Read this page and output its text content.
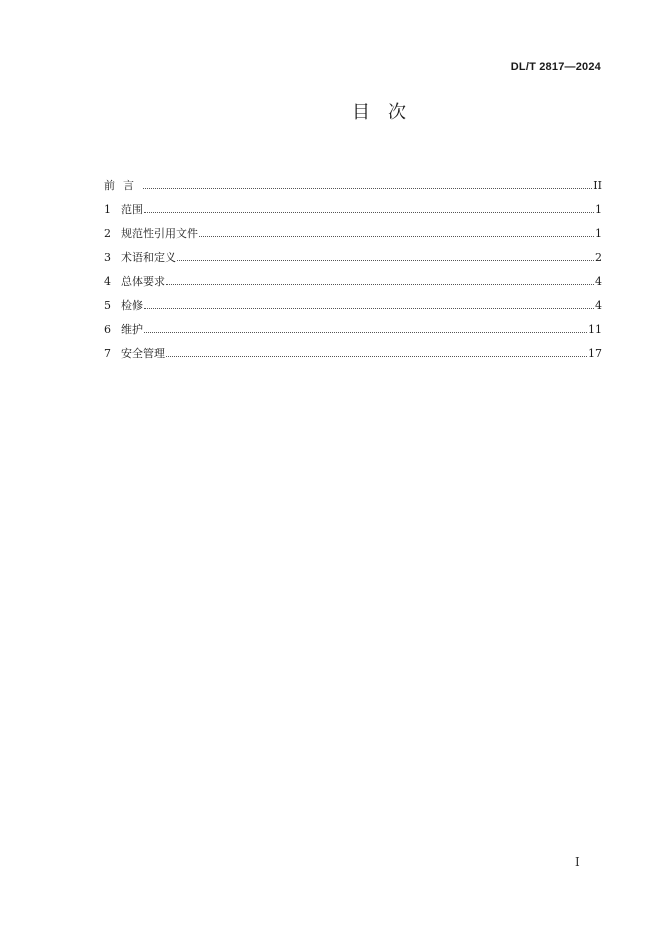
DL/T 2817—2024
目次
前言	II
1 范围	1
2 规范性引用文件	1
3 术语和定义	2
4 总体要求	4
5 检修	4
6 维护	11
7 安全管理	17
I
